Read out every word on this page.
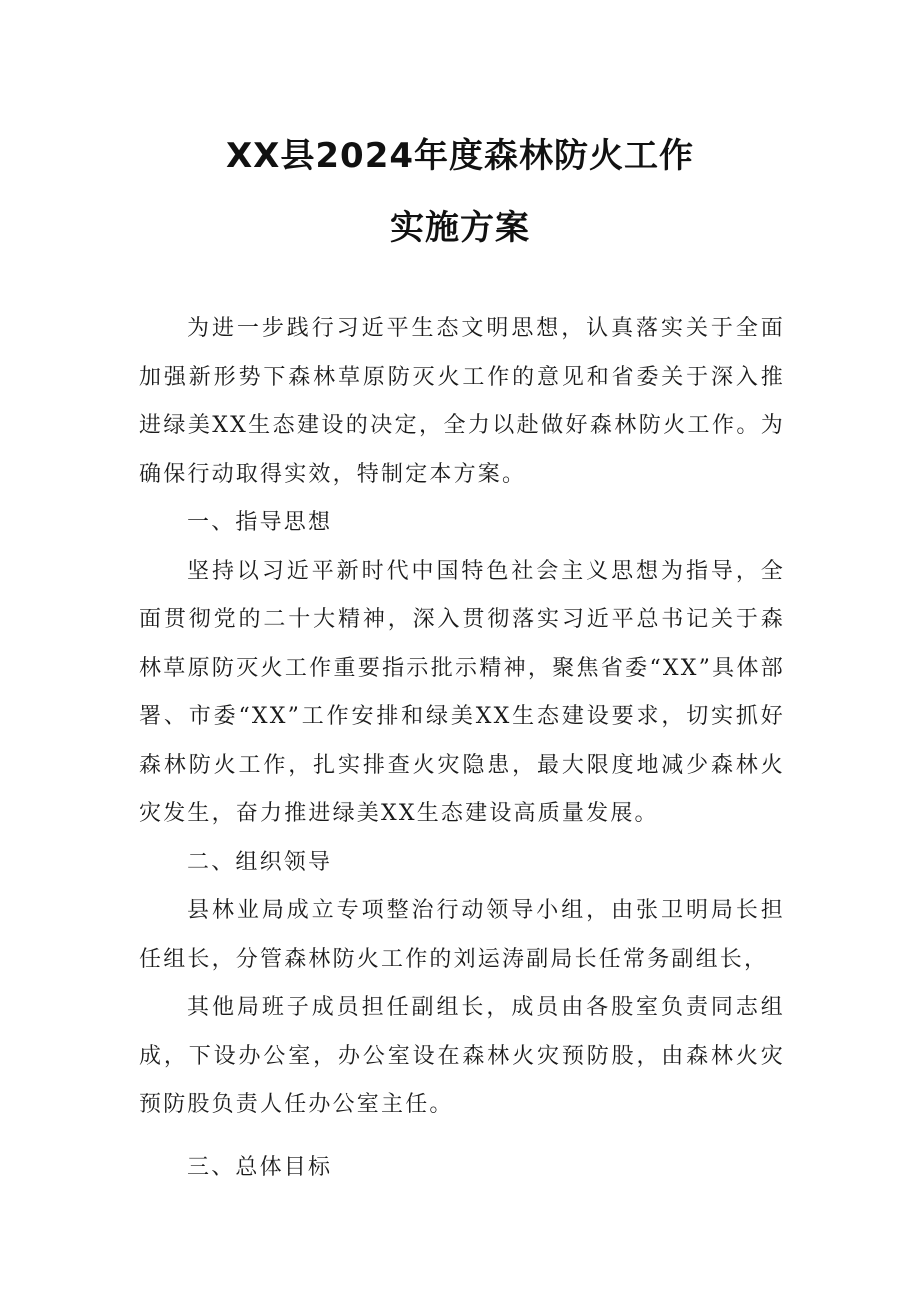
XX县2024年度森林防火工作
实施方案

为进一步践行习近平生态文明思想，认真落实关于全面加强新形势下森林草原防灭火工作的意见和省委关于深入推进绿美XX生态建设的决定，全力以赴做好森林防火工作。为确保行动取得实效，特制定本方案。

一、指导思想

坚持以习近平新时代中国特色社会主义思想为指导，全面贯彻党的二十大精神，深入贯彻落实习近平总书记关于森林草原防灭火工作重要指示批示精神，聚焦省委“XX”具体部署、市委“XX”工作安排和绿美XX生态建设要求，切实抓好森林防火工作，扎实排查火灾隐患，最大限度地减少森林火灾发生，奋力推进绿美XX生态建设高质量发展。

二、组织领导

县林业局成立专项整治行动领导小组，由张卫明局长担任组长，分管森林防火工作的刘运涛副局长任常务副组长，

其他局班子成员担任副组长，成员由各股室负责同志组成，下设办公室，办公室设在森林火灾预防股，由森林火灾预防股负责人任办公室主任。

三、总体目标
